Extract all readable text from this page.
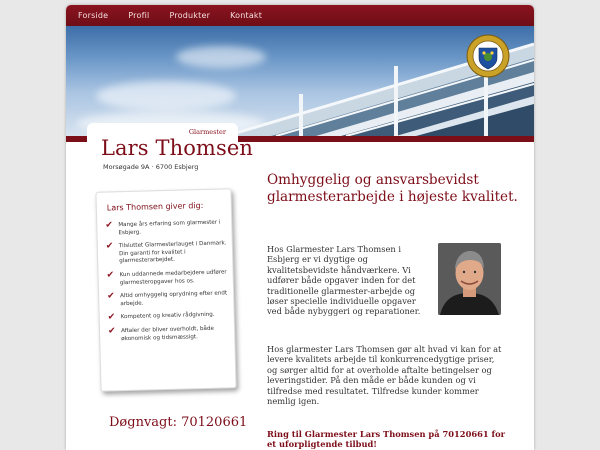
Forside	Profil	Produkter	Kontakt
Glarmester
Lars Thomsen
Morsøgade 9A · 6700 Esbjerg
Lars Thomsen giver dig:
✔ Mange års erfaring som glarmester i Esbjerg.
✔ Tilsluttet Glarmesterlauget i Danmark. Din garanti for kvalitet i glarmesterarbejdet.
✔ Kun uddannede medarbejdere udfører glarmesteropgaver hos os.
✔ Altid omhyggelig oprydning efter endt arbejde.
✔ Kompetent og kreativ rådgivning.
✔ Aftaler der bliver overholdt, både økonomisk og tidsmæssigt.
Døgnvagt: 70120661
Omhyggelig og ansvarsbevidst glarmesterarbejde i højeste kvalitet.
Hos Glarmester Lars Thomsen i Esbjerg er vi dygtige og kvalitetsbevidste håndværkere. Vi udfører både opgaver inden for det traditionelle glarmester-arbejde og løser specielle individuelle opgaver ved både nybyggeri og reparationer.
Hos glarmester Lars Thomsen gør alt hvad vi kan for at levere kvalitets arbejde til konkurrencedygtige priser, og sørger altid for at overholde aftalte betingelser og leveringstider. På den måde er både kunden og vi tilfredse med resultatet. Tilfredse kunder kommer nemlig igen.
Ring til Glarmester Lars Thomsen på 70120661 for et uforpligtende tilbud!
